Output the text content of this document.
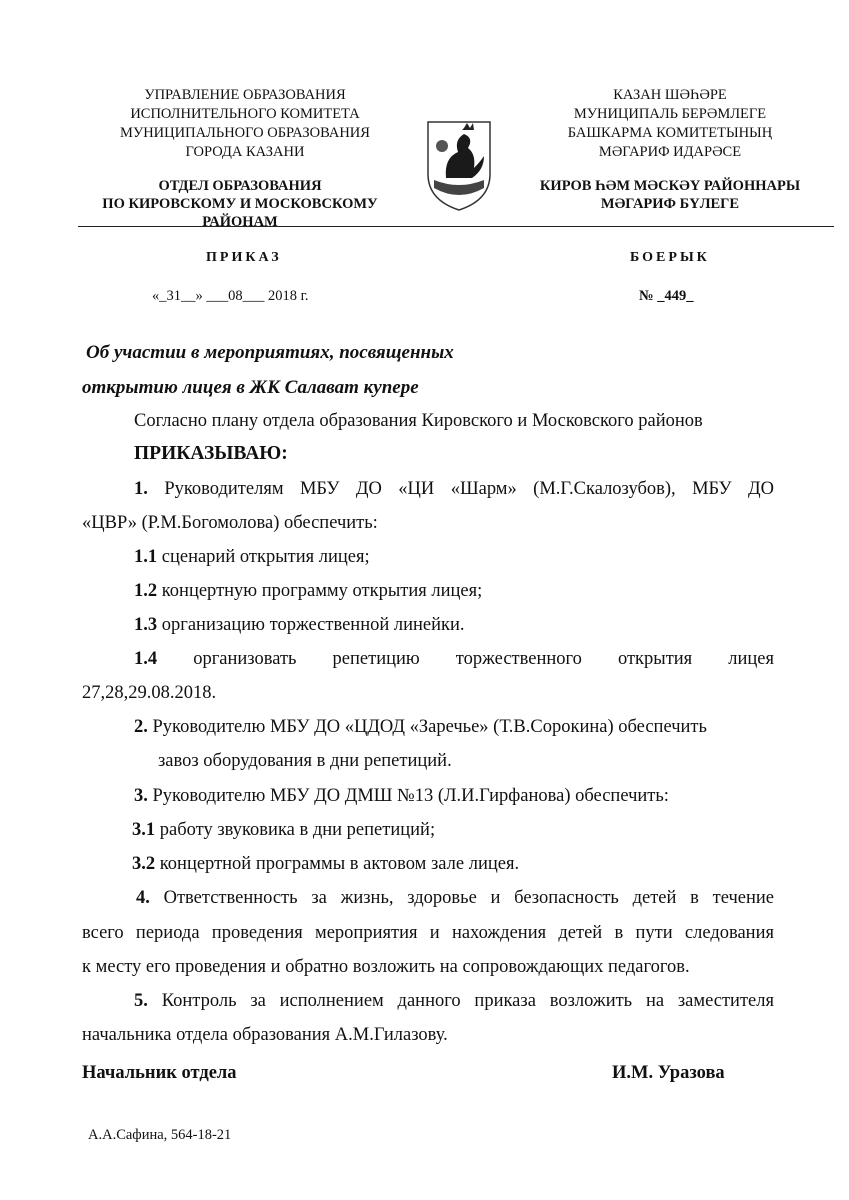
УПРАВЛЕНИЕ ОБРАЗОВАНИЯ
ИСПОЛНИТЕЛЬНОГО КОМИТЕТА
МУНИЦИПАЛЬНОГО ОБРАЗОВАНИЯ
ГОРОДА КАЗАНИ
ОТДЕЛ ОБРАЗОВАНИЯ
ПО КИРОВСКОМУ И МОСКОВСКОМУ
РАЙОНАМ
КАЗАН ШӘҺӘРЕ
МУНИЦИПАЛЬ БЕРӘМЛЕГЕ
БАШКАРМА КОМИТЕТЫНЫҢ
МӘГАРИФ ИДАРӘСЕ
КИРОВ ҺӘМ МӘСКӘҮ РАЙОННАРЫ
МӘГАРИФ БҮЛЕГЕ
ПРИКАЗ	БОЕРЫК
«_31__» ___08___ 2018 г.	№ _449_
Об участии в мероприятиях, посвященных
открытию лицея в ЖК Салават купере
Согласно плану отдела образования Кировского и Московского районов
ПРИКАЗЫВАЮ:
1. Руководителям МБУ ДО «ЦИ «Шарм» (М.Г.Скалозубов), МБУ ДО
«ЦВР» (Р.М.Богомолова) обеспечить:
1.1 сценарий открытия лицея;
1.2 концертную программу открытия лицея;
1.3 организацию торжественной линейки.
1.4 организовать репетицию торжественного открытия лицея
27,28,29.08.2018.
2. Руководителю МБУ ДО «ЦДОД «Заречье» (Т.В.Сорокина) обеспечить
завоз оборудования в дни репетиций.
3. Руководителю МБУ ДО ДМШ №13 (Л.И.Гирфанова) обеспечить:
3.1 работу звуковика в дни репетиций;
3.2 концертной программы в актовом зале лицея.
4. Ответственность за жизнь, здоровье и безопасность детей в течение
всего периода проведения мероприятия и нахождения детей в пути следования
к месту его проведения и обратно возложить на сопровождающих педагогов.
5. Контроль за исполнением данного приказа возложить на заместителя
начальника отдела образования А.М.Гилазову.
Начальник отдела	И.М. Уразова
А.А.Сафина, 564-18-21
